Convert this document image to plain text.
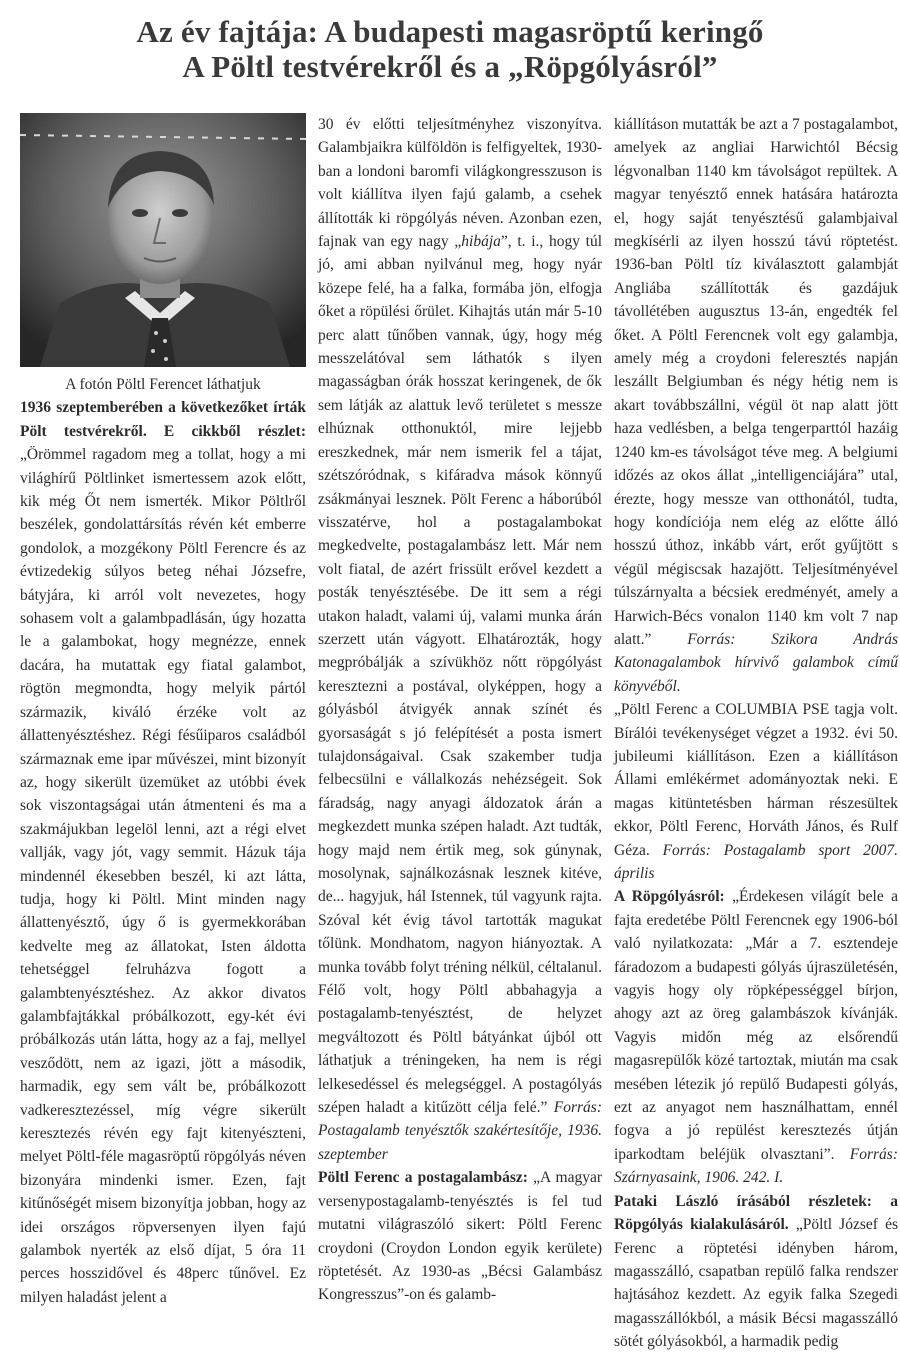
Az év fajtája: A budapesti magasröptű keringő
A Pöltl testvérekről és a „Röpgólyásról”

A fotón Pöltl Ferencet láthatjuk

1936 szeptemberében a következőket írták Pölt testvérekről. E cikkből részlet: „Örömmel ragadom meg a tollat, hogy a mi világhírű Pöltlinket ismertessem azok előtt, kik még Őt nem ismerték. Mikor Pöltlről beszélek, gondolattársítás révén két emberre gondolok, a mozgékony Pöltl Ferencre és az évtizedekig súlyos beteg néhai Józsefre, bátyjára, ki arról volt nevezetes, hogy sohasem volt a galambpadlásán, úgy hozatta le a galambokat, hogy megnézze, ennek dacára, ha mutattak egy fiatal galambot, rögtön megmondta, hogy melyik pártól származik, kiváló érzéke volt az állattenyésztéshez. Régi fésűiparos családból származnak eme ipar művészei, mint bizonyít az, hogy sikerült üzemüket az utóbbi évek sok viszontagságai után átmenteni és ma a szakmájukban legelöl lenni, azt a régi elvet vallják, vagy jót, vagy semmit. Házuk tája mindennél ékesebben beszél, ki azt látta, tudja, hogy ki Pöltl. Mint minden nagy állattenyésztő, úgy ő is gyermekkorában kedvelte meg az állatokat, Isten áldotta tehetséggel felruházva fogott a galambtenyésztéshez. Az akkor divatos galambfajtákkal próbálkozott, egy-két évi próbálkozás után látta, hogy az a faj, mellyel vesződött, nem az igazi, jött a második, harmadik, egy sem vált be, próbálkozott vadkeresztezéssel, míg végre sikerült keresztezés révén egy fajt kitenyészteni, melyet Pöltl-féle magasröptű röpgólyás néven bizonyára mindenki ismer. Ezen, fajt kitűnőségét misem bizonyítja jobban, hogy az idei országos röpversenyen ilyen fajú galambok nyerték az első díjat, 5 óra 11 perces hosszidővel és 48perc tűnővel. Ez milyen haladást jelent a

30 év előtti teljesítményhez viszonyítva. Galambjaikra külföldön is felfigyeltek, 1930-ban a londoni baromfi világkongresszuson is volt kiállítva ilyen fajú galamb, a csehek állították ki röpgólyás néven. Azonban ezen, fajnak van egy nagy „hibája”, t. i., hogy túl jó, ami abban nyilvánul meg, hogy nyár közepe felé, ha a falka, formába jön, elfogja őket a röpülési őrület. Kihajtás után már 5-10 perc alatt tűnőben vannak, úgy, hogy még messzelátóval sem láthatók s ilyen magasságban órák hosszat keringenek, de ők sem látják az alattuk levő területet s messze elhúznak otthonuktól, mire lejjebb ereszkednek, már nem ismerik fel a tájat, szétszóródnak, s kifáradva mások könnyű zsákmányai lesznek. Pölt Ferenc a háborúból visszatérve, hol a postagalambokat megkedvelte, postagalambász lett. Már nem volt fiatal, de azért frissült erővel kezdett a posták tenyésztésébe. De itt sem a régi utakon haladt, valami új, valami munka árán szerzett után vágyott. Elhatározták, hogy megpróbálják a szívükhöz nőtt röpgólyást keresztezni a postával, olyképpen, hogy a gólyásból átvigyék annak színét és gyorsaságát s jó felépítését a posta ismert tulajdonságaival. Csak szakember tudja felbecsülni e vállalkozás nehézségeit. Sok fáradság, nagy anyagi áldozatok árán a megkezdett munka szépen haladt. Azt tudták, hogy majd nem értik meg, sok gúnynak, mosolynak, sajnálkozásnak lesznek kitéve, de... hagyjuk, hál Istennek, túl vagyunk rajta. Szóval két évig távol tartották magukat tőlünk. Mondhatom, nagyon hiányoztak. A munka tovább folyt tréning nélkül, céltalanul. Félő volt, hogy Pöltl abbahagyja a postagalamb-tenyésztést, de helyzet megváltozott és Pöltl bátyánkat újból ott láthatjuk a tréningeken, ha nem is régi lelkesedéssel és melegséggel. A postagólyás szépen haladt a kitűzött célja felé.” Forrás: Postagalamb tenyésztők szakértesítője, 1936. szeptember

Pöltl Ferenc a postagalambász: „A magyar versenypostagalamb-tenyésztés is fel tud mutatni világraszóló sikert: Pöltl Ferenc croydoni (Croydon London egyik kerülete) röptetését. Az 1930-as „Bécsi Galambász Kongresszus”-on és galamb-

kiállításon mutatták be azt a 7 postagalambot, amelyek az angliai Harwichtól Bécsig légvonalban 1140 km távolságot repültek. A magyar tenyésztő ennek hatására határozta el, hogy saját tenyésztésű galambjaival megkísérli az ilyen hosszú távú röptetést. 1936-ban Pöltl tíz kiválasztott galambját Angliába szállították és gazdájuk távollétében augusztus 13-án, engedték fel őket. A Pöltl Ferencnek volt egy galambja, amely még a croydoni feleresztés napján leszállt Belgiumban és négy hétig nem is akart továbbszállni, végül öt nap alatt jött haza vedlésben, a belga tengerparttól hazáig 1240 km-es távolságot téve meg. A belgiumi időzés az okos állat „intelligenciájára” utal, érezte, hogy messze van otthonától, tudta, hogy kondíciója nem elég az előtte álló hosszú úthoz, inkább várt, erőt gyűjtött s végül mégiscsak hazajött. Teljesítményével túlszárnyalta a bécsiek eredményét, amely a Harwich-Bécs vonalon 1140 km volt 7 nap alatt.” Forrás: Szikora András Katonagalambok hírvivő galambok című könyvéből.

„Pöltl Ferenc a COLUMBIA PSE tagja volt. Bírálói tevékenységet végzet a 1932. évi 50. jubileumi kiállításon. Ezen a kiállításon Állami emlékérmet adományoztak neki. E magas kitüntetésben hárman részesültek ekkor, Pöltl Ferenc, Horváth János, és Rulf Géza. Forrás: Postagalamb sport 2007. április

A Röpgólyásról: „Érdekesen világít bele a fajta eredetébe Pöltl Ferencnek egy 1906-ból való nyilatkozata: „Már a 7. esztendeje fáradozom a budapesti gólyás újraszületésén, vagyis hogy oly röpképességgel bírjon, ahogy azt az öreg galambászok kívánják. Vagyis midőn még az elsőrendű magasrepülők közé tartoztak, miután ma csak mesében létezik jó repülő Budapesti gólyás, ezt az anyagot nem használhattam, ennél fogva a jó repülést keresztezés útján iparkodtam beléjük olvasztani”. Forrás: Szárnyasaink, 1906. 242. I.

Pataki László írásából részletek: a Röpgólyás kialakulásáról. „Pöltl József és Ferenc a röptetési idényben három, magasszálló, csapatban repülő falka rendszer hajtásához kezdett. Az egyik falka Szegedi magasszállókból, a másik Bécsi magasszálló sötét gólyásokból, a harmadik pedig
